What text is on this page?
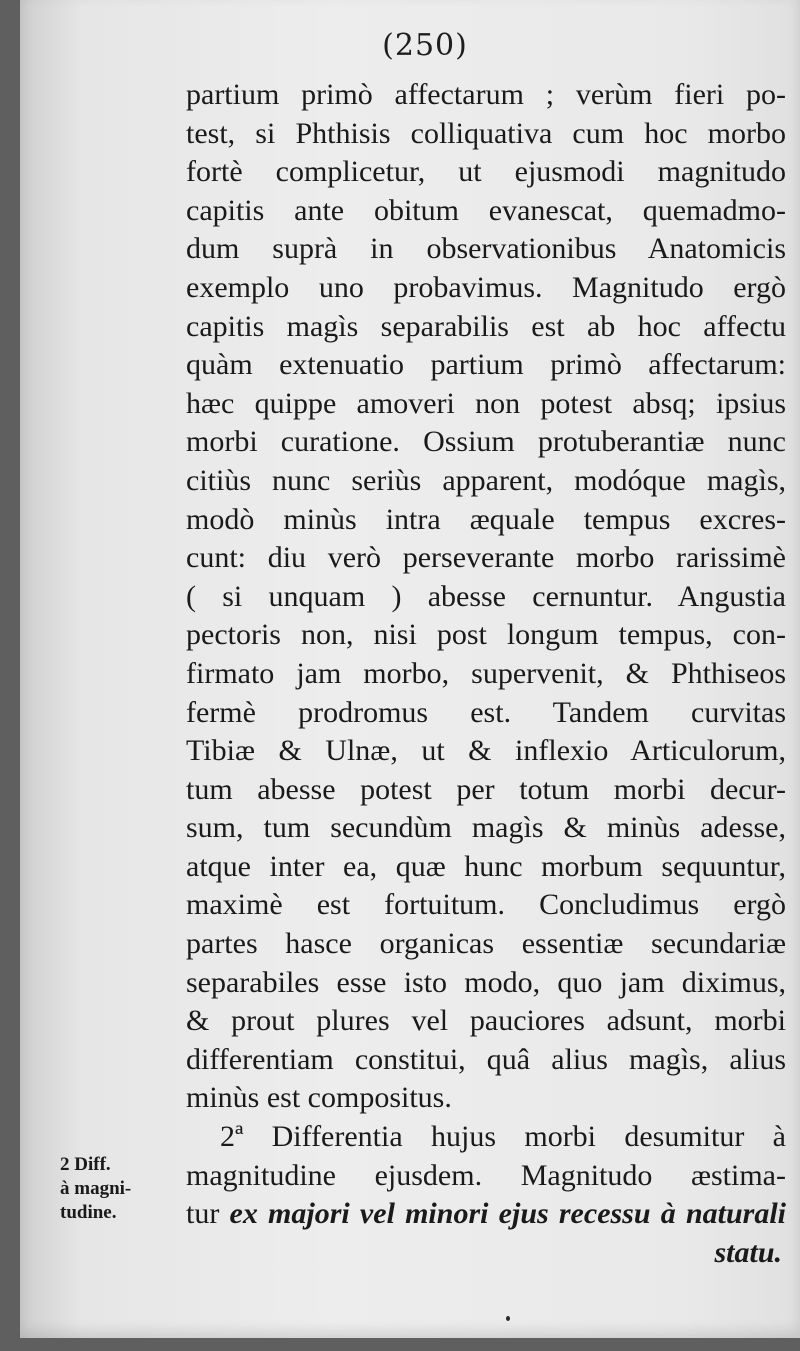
(250)
partium primò affectarum ; verùm fieri po-
test, si Phthisis colliquativa cum hoc morbo
fortè complicetur, ut ejusmodi magnitudo
capitis ante obitum evanescat, quemadmo-
dum suprà in observationibus Anatomicis
exemplo uno probavimus. Magnitudo ergò
capitis magìs separabilis est ab hoc affectu
quàm extenuatio partium primò affectarum:
hæc quippe amoveri non potest absq; ipsius
morbi curatione. Ossium protuberantiæ nunc
citiùs nunc seriùs apparent, modóque magìs,
modò minùs intra æquale tempus excres-
cunt: diu verò perseverante morbo rarissimè
( si unquam ) abesse cernuntur. Angustia
pectoris non, nisi post longum tempus, con-
firmato jam morbo, supervenit, & Phthiseos
fermè prodromus est. Tandem curvitas
Tibiæ & Ulnæ, ut & inflexio Articulorum,
tum abesse potest per totum morbi decur-
sum, tum secundùm magìs & minùs adesse,
atque inter ea, quæ hunc morbum sequuntur,
maximè est fortuitum. Concludimus ergò
partes hasce organicas essentiæ secundariæ
separabiles esse isto modo, quo jam diximus,
& prout plures vel pauciores adsunt, morbi
differentiam constitui, quâ alius magìs, alius
minùs est compositus.
2ª Differentia hujus morbi desumitur à
magnitudine ejusdem. Magnitudo æstima-
tur ex majori vel minori ejus recessu à naturali
statu.
2 Diff.
à magni-
tudine.
